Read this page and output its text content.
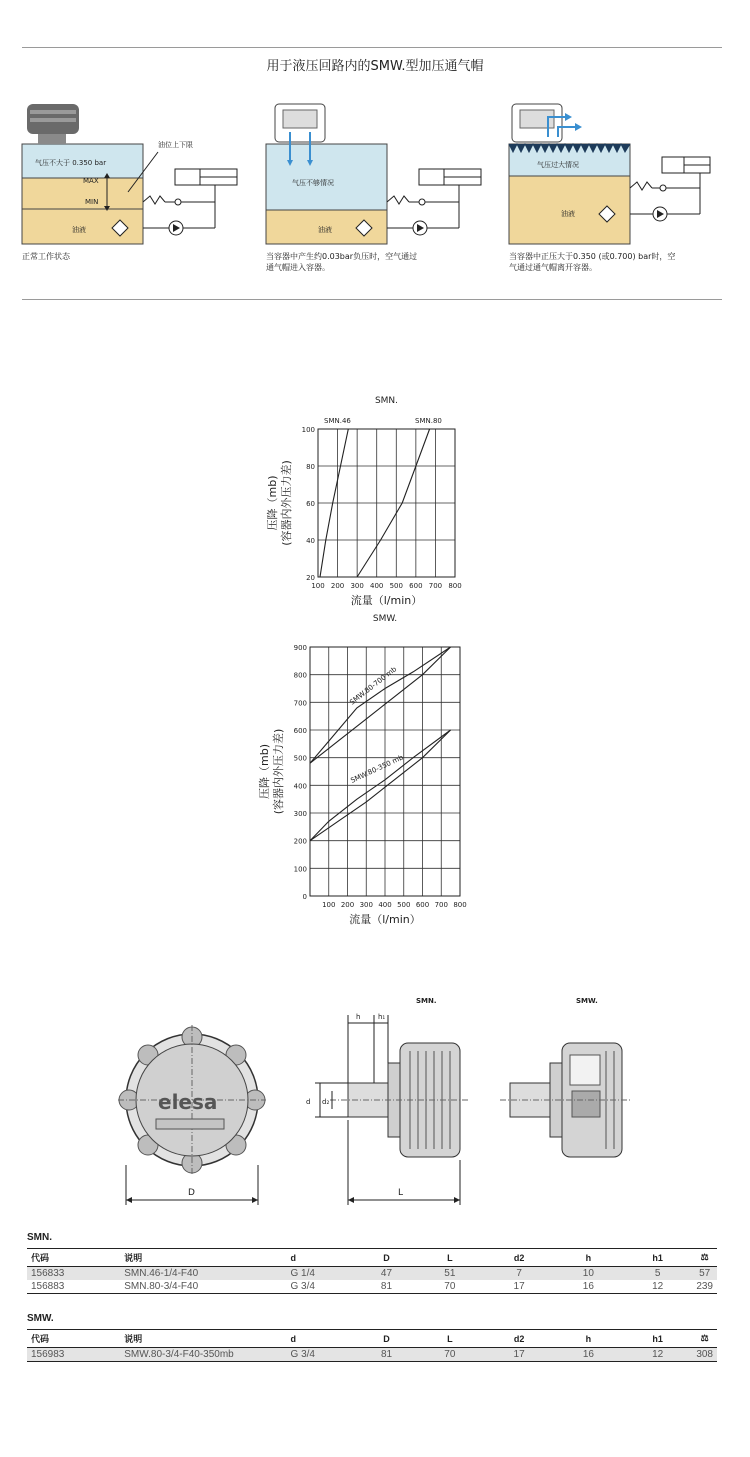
用于液压回路内的SMW.型加压通气帽
气压不大于 0.350 bar
MAX
MIN
油位上下限
油液
气压不够情况
油液
气压过大情况
油液
正常工作状态	当容器中产生约0.03bar负压时，空气通过
通气帽进入容器。
当容器中正压大于0.350 (或0.700) bar时，空
气通过通气帽离开容器。
SMN.
100 200 300 400 500 600 700 800
20
40
60
80
100
SMN.46	SMN.80
流量（l/min）
压降（mb) (容器内外压力差)
SMW.
100 200 300 400 500 600 700 800
0
100
200
300
400
500
600
700
800
900
SMW.80-700 mb
SMW.80-350 mb
流量（l/min）
压降（mb) (容器内外压力差)
elesa
D
SMN.
h	h₁
d d₂
L
SMW.
SMN.
代码	说明	d	D	L	d2	h	h1	⚖
156833	SMN.46-1/4-F40	G 1/4	47	51	7	10	5	57
156883	SMN.80-3/4-F40	G 3/4	81	70	17	16	12	239
SMW.
代码	说明	d	D	L	d2	h	h1	⚖
156983	SMW.80-3/4-F40-350mb	G 3/4	81	70	17	16	12	308
